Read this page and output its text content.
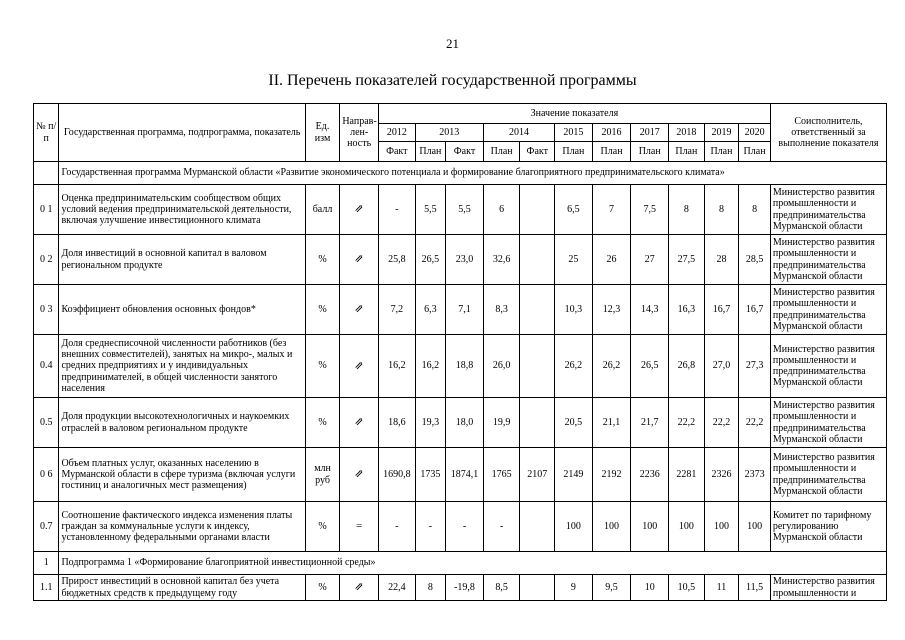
21
II. Перечень показателей государственной программы
№ п/п	Государственная программа, подпрограмма, показатель	Ед. изм	Направ-лен-ность	Значение показателя											Соисполнитель, ответственный за выполнение показателя
				2012	2013		2014		2015	2016	2017	2018	2019	2020	
				Факт	План	Факт	План	Факт	План	План	План	План	План	План	
	Государственная программа Мурманской области «Развитие экономического потенциала и формирование благоприятного предпринимательского климата»														
0 1	Оценка предпринимательским сообществом общих условий ведения предпринимательской деятельности, включая улучшение инвестиционного климата	балл	⇗	-	5,5	5,5	6		6,5	7	7,5	8	8	8	Министерство развития промышленности и предпринимательства Мурманской области
0 2	Доля инвестиций в основной капитал в валовом региональном продукте	%	⇗	25,8	26,5	23,0	32,6		25	26	27	27,5	28	28,5	Министерство развития промышленности и предпринимательства Мурманской области
0 3	Коэффициент обновления основных фондов*	%	⇗	7,2	6,3	7,1	8,3		10,3	12,3	14,3	16,3	16,7	16,7	Министерство развития промышленности и предпринимательства Мурманской области
0.4	Доля среднесписочной численности работников (без внешних совместителей), занятых на микро-, малых и средних предприятиях и у индивидуальных предпринимателей, в общей численности занятого населения	%	⇗	16,2	16,2	18,8	26,0		26,2	26,2	26,5	26,8	27,0	27,3	Министерство развития промышленности и предпринимательства Мурманской области
0.5	Доля продукции высокотехнологичных и наукоемких отраслей в валовом региональном продукте	%	⇗	18,6	19,3	18,0	19,9		20,5	21,1	21,7	22,2	22,2	22,2	Министерство развития промышленности и предпринимательства Мурманской области
0 6	Объем платных услуг, оказанных населению в Мурманской области в сфере туризма (включая услуги гостиниц и аналогичных мест размещения)	млн руб	⇗	1690,8	1735	1874,1	1765	2107	2149	2192	2236	2281	2326	2373	Министерство развития промышленности и предпринимательства Мурманской области
0.7	Соотношение фактического индекса изменения платы граждан за коммунальные услуги к индексу, установленному федеральными органами власти	%	=	-	-	-	-		100	100	100	100	100	100	Комитет по тарифному регулированию Мурманской области
1	Подпрограмма 1 «Формирование благоприятной инвестиционной среды»														
1.1	Прирост инвестиций в основной капитал без учета бюджетных средств к предыдущему году	%	⇗	22,4	8	-19,8	8,5		9	9,5	10	10,5	11	11,5	Министерство развития промышленности и
